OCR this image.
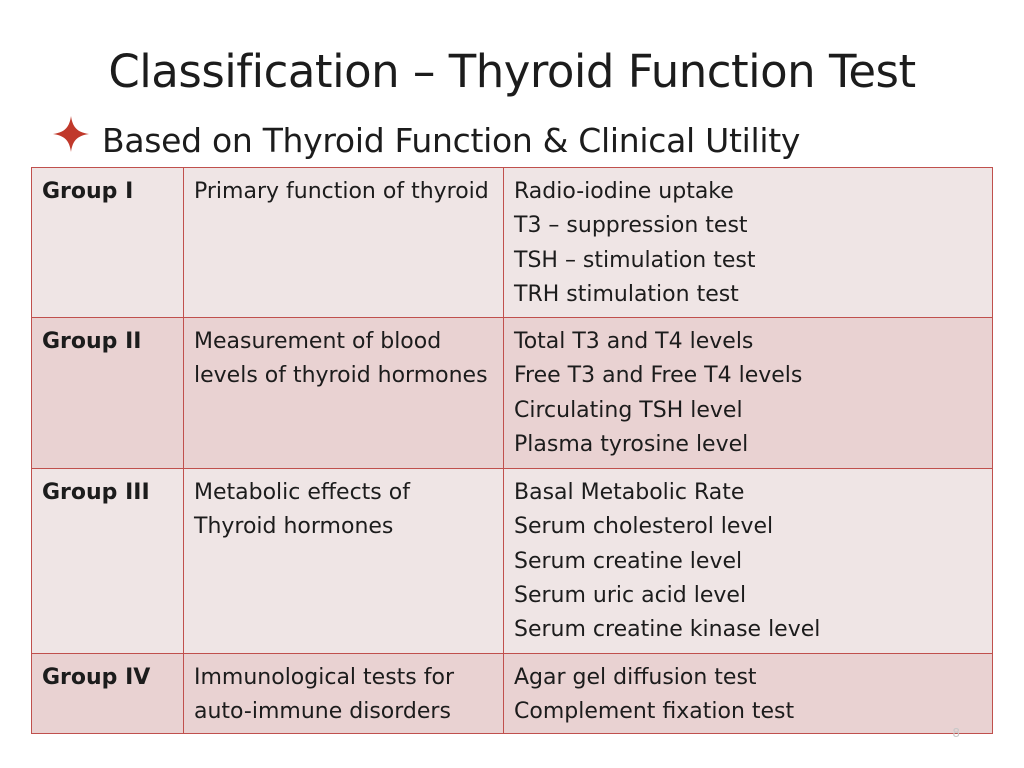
Classification – Thyroid Function Test
Based on Thyroid Function & Clinical Utility
Group I	Primary function of thyroid	Radio-iodine uptake
T3 – suppression test
TSH – stimulation test
TRH stimulation test

Group II	Measurement of blood levels of thyroid hormones	Total T3 and T4 levels
Free T3 and Free T4 levels
Circulating TSH level
Plasma tyrosine level

Group III	Metabolic effects of Thyroid hormones	Basal Metabolic Rate
Serum cholesterol level
Serum creatine level
Serum uric acid level
Serum creatine kinase level

Group IV	Immunological tests for auto-immune disorders	Agar gel diffusion test
Complement fixation test
8
